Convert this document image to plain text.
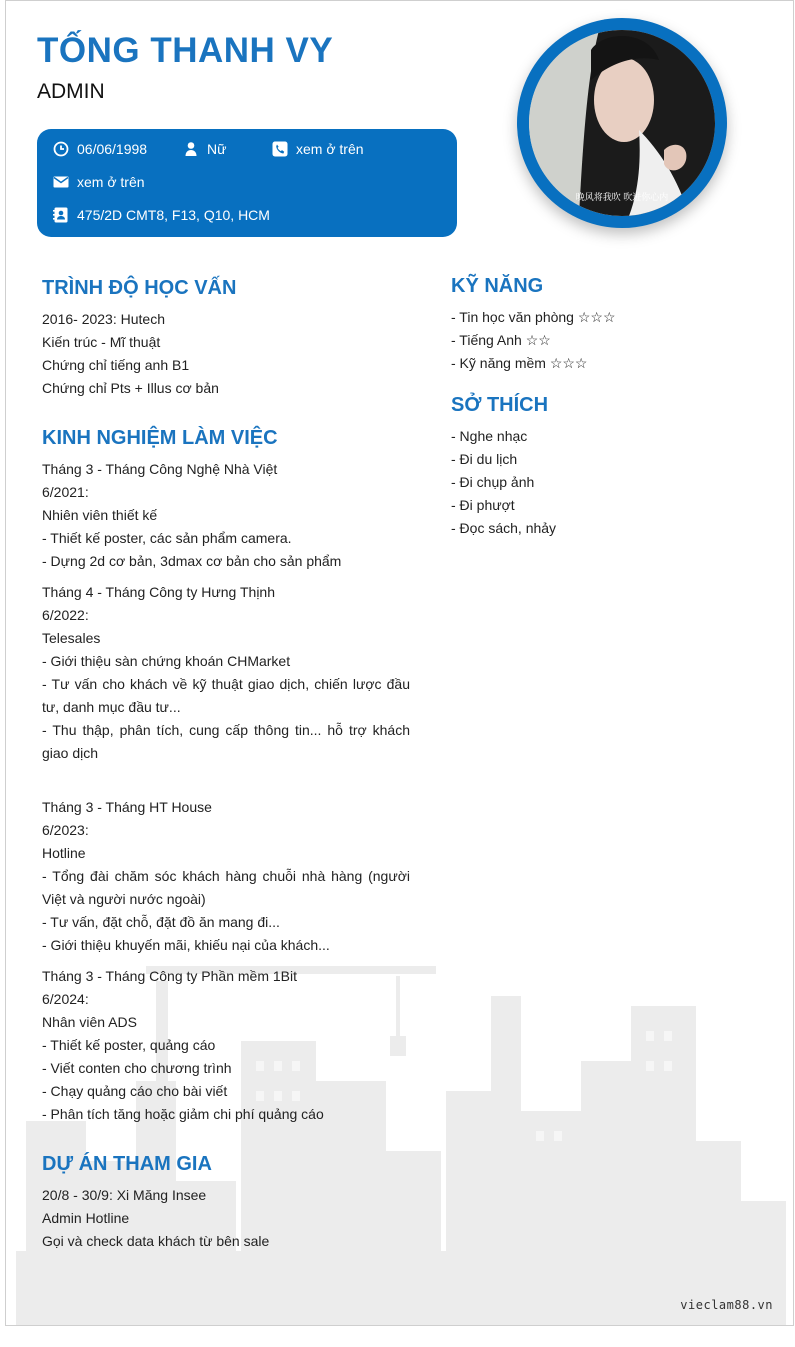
TỐNG THANH VY
ADMIN
06/06/1998	Nữ	xem ở trên
xem ở trên
475/2D CMT8, F13, Q10, HCM
晚风将我吹 吹进你心内
TRÌNH ĐỘ HỌC VẤN
2016- 2023: Hutech
Kiến trúc - Mĩ thuật
Chứng chỉ tiếng anh B1
Chứng chỉ Pts + Illus cơ bản
KINH NGHIỆM LÀM VIỆC
Tháng 3 - Tháng Công Nghệ Nhà Việt
6/2021:
Nhiên viên thiết kế
- Thiết kế poster, các sản phẩm camera.
- Dựng 2d cơ bản, 3dmax cơ bản cho sản phẩm
Tháng 4 - Tháng Công ty Hưng Thịnh
6/2022:
Telesales
- Giới thiệu sàn chứng khoán CHMarket
- Tư vấn cho khách về kỹ thuật giao dịch, chiến lược đầu tư, danh mục đầu tư...
- Thu thập, phân tích, cung cấp thông tin... hỗ trợ khách giao dịch
Tháng 3 - Tháng HT House
6/2023:
Hotline
- Tổng đài chăm sóc khách hàng chuỗi nhà hàng (người Việt và người nước ngoài)
- Tư vấn, đặt chỗ, đặt đồ ăn mang đi...
- Giới thiệu khuyến mãi, khiếu nại của khách...
Tháng 3 - Tháng Công ty Phần mềm 1Bit
6/2024:
Nhân viên ADS
- Thiết kế poster, quảng cáo
- Viết conten cho chương trình
- Chạy quảng cáo cho bài viết
- Phân tích tăng hoặc giảm chi phí quảng cáo
DỰ ÁN THAM GIA
20/8 - 30/9: Xi Măng Insee
Admin Hotline
Gọi và check data khách từ bên sale
KỸ NĂNG
- Tin học văn phòng ☆☆☆
- Tiếng Anh ☆☆
- Kỹ năng mềm ☆☆☆
SỞ THÍCH
- Nghe nhạc
- Đi du lịch
- Đi chụp ảnh
- Đi phượt
- Đọc sách, nhảy
vieclam88.vn
